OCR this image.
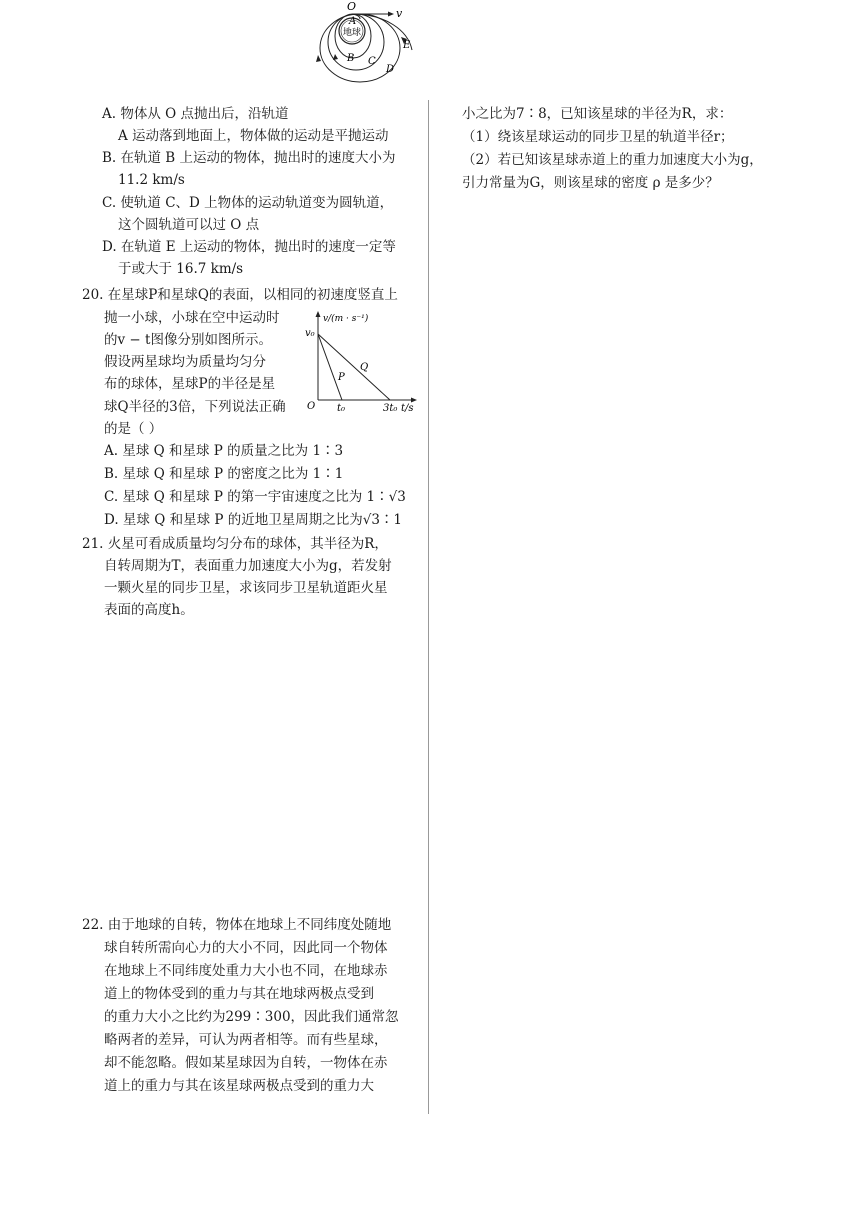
O
v
A
地球
B C
D
E
A. 物体从 O 点抛出后，沿轨道
A 运动落到地面上，物体做的运动是平抛运动
B. 在轨道 B 上运动的物体，抛出时的速度大小为
11.2 km/s
C. 使轨道 C、D 上物体的运动轨道变为圆轨道，
这个圆轨道可以过 O 点
D. 在轨道 E 上运动的物体，抛出时的速度一定等
于或大于 16.7 km/s
20. 在星球P和星球Q的表面，以相同的初速度竖直上
抛一小球，小球在空中运动时
的v − t图像分别如图所示。
假设两星球均为质量均匀分
布的球体，星球P的半径是星
球Q半径的3倍，下列说法正确
的是（ ）
v/(m · s⁻¹)
v₀
O t₀	3t₀ t/s
P
Q
A. 星球 Q 和星球 P 的质量之比为 1∶3
B. 星球 Q 和星球 P 的密度之比为 1∶1
C. 星球 Q 和星球 P 的第一宇宙速度之比为 1∶√3
D. 星球 Q 和星球 P 的近地卫星周期之比为√3∶1
21. 火星可看成质量均匀分布的球体，其半径为R，
自转周期为T，表面重力加速度大小为g，若发射
一颗火星的同步卫星，求该同步卫星轨道距火星
表面的高度h。
22. 由于地球的自转，物体在地球上不同纬度处随地
球自转所需向心力的大小不同，因此同一个物体
在地球上不同纬度处重力大小也不同，在地球赤
道上的物体受到的重力与其在地球两极点受到
的重力大小之比约为299∶300，因此我们通常忽
略两者的差异，可认为两者相等。而有些星球，
却不能忽略。假如某星球因为自转，一物体在赤
道上的重力与其在该星球两极点受到的重力大
小之比为7∶8，已知该星球的半径为R，求：
（1）绕该星球运动的同步卫星的轨道半径r；
（2）若已知该星球赤道上的重力加速度大小为g，
引力常量为G，则该星球的密度 ρ 是多少？
